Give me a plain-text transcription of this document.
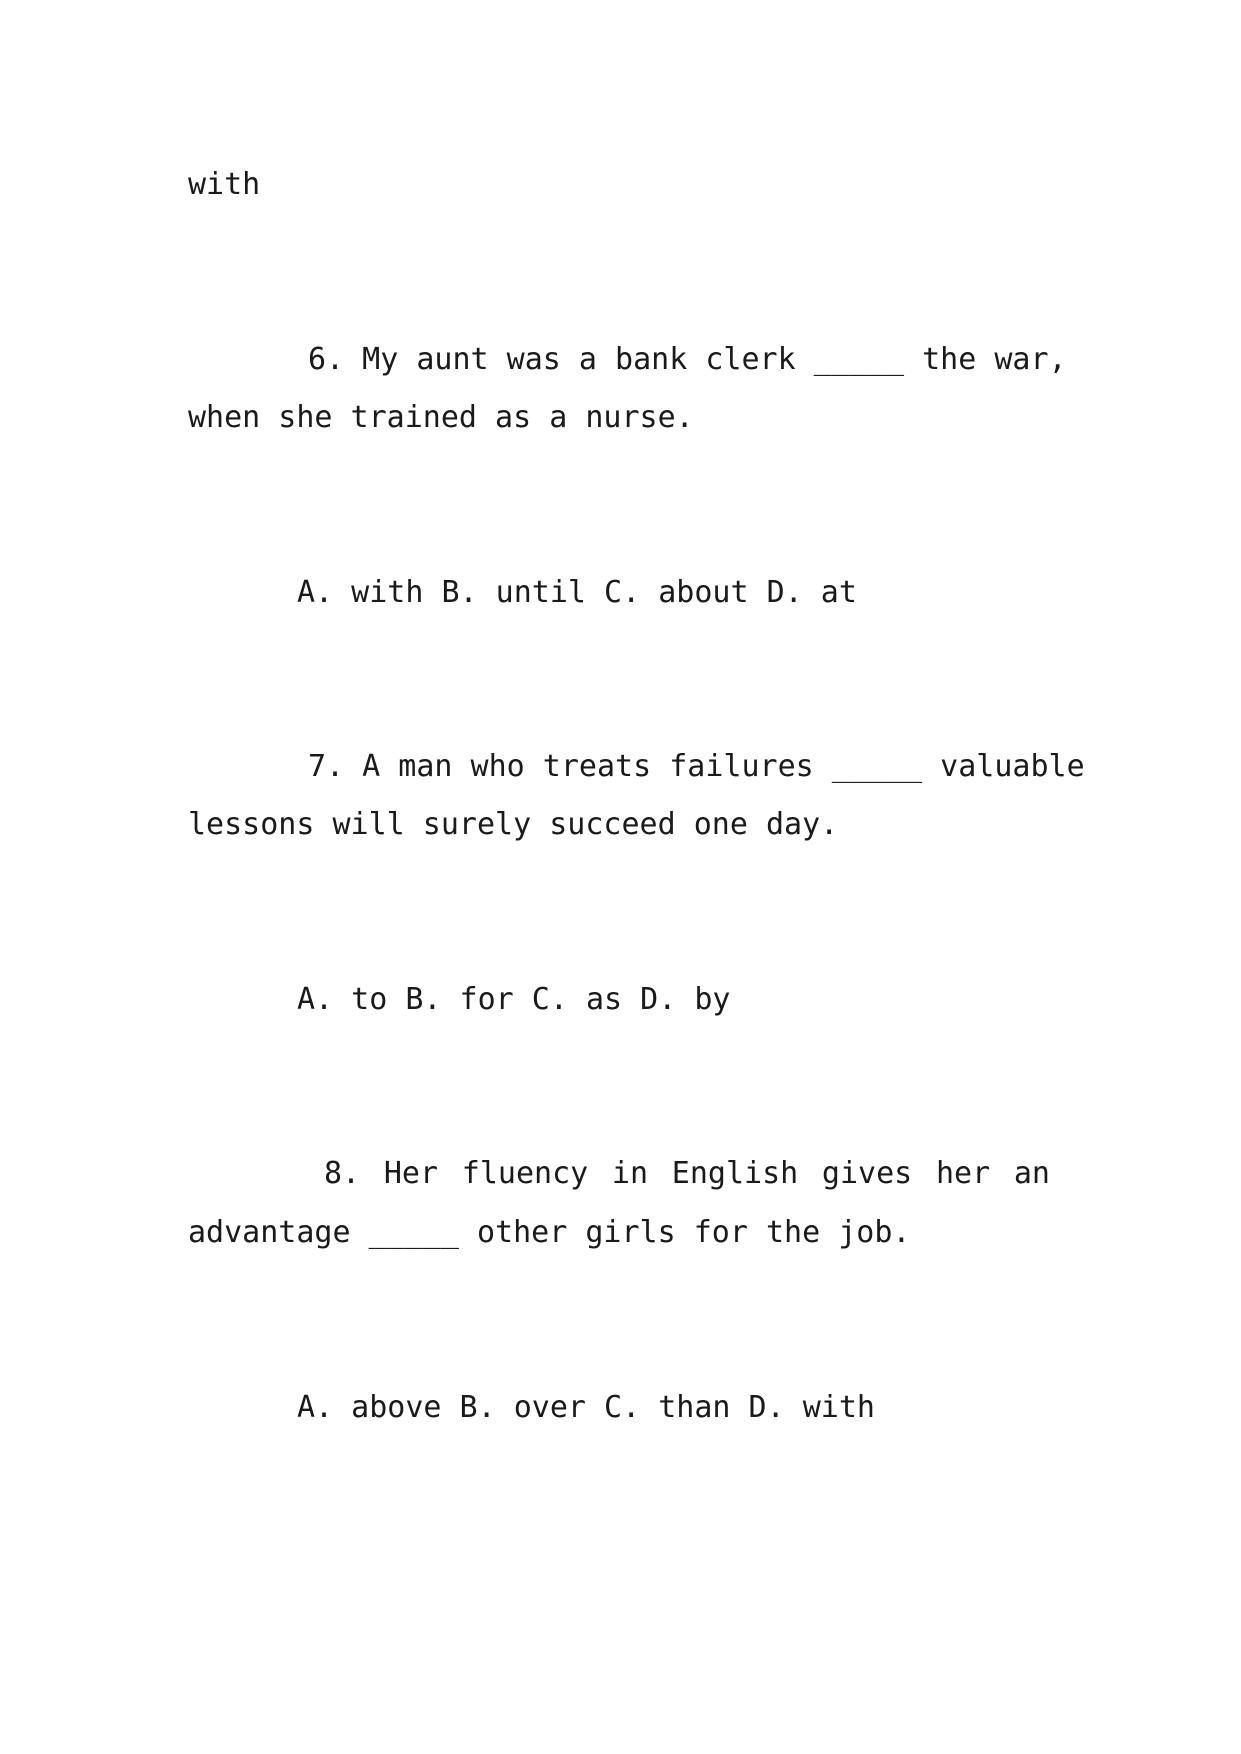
with

6. My aunt was a bank clerk _____ the war,

when she trained as a nurse.

A. with B. until C. about D. at

7. A man who treats failures _____ valuable

lessons will surely succeed one day.

A. to B. for C. as D. by

8. Her fluency in English gives her an

advantage _____ other girls for the job.

A. above B. over C. than D. with
